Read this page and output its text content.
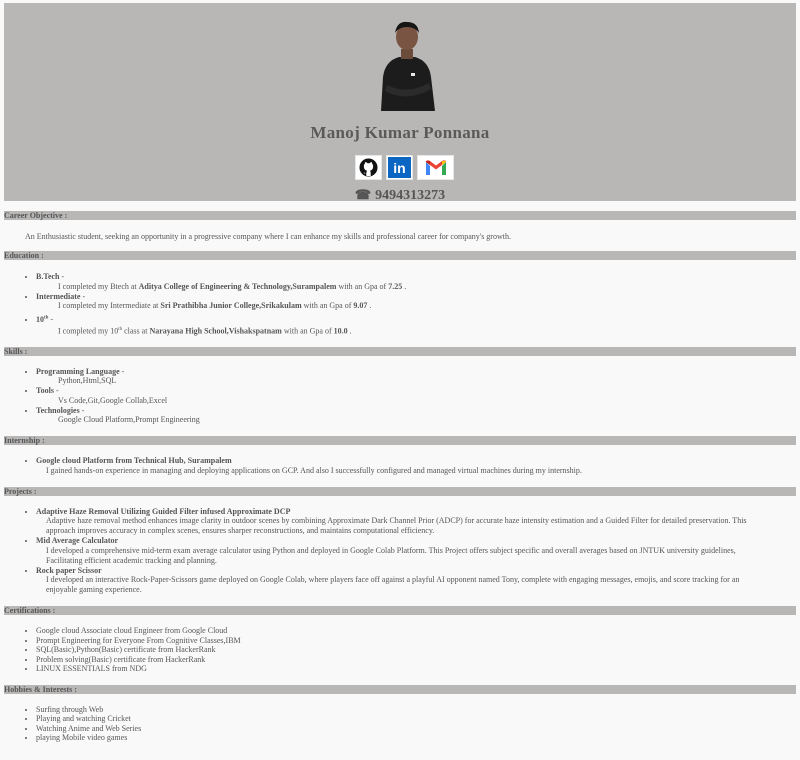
Manoj Kumar Ponnana
in
☎ 9494313273
Career Objective :
An Enthusiastic student, seeking an opportunity in a progressive company where I can enhance my skills and professional career for company's growth.
Education :
• B.Tech -
I completed my Btech at Aditya College of Engineering & Technology,Surampalem with an Gpa of 7.25 .
• Intermediate -
I completed my Intermediate at Sri Prathibha Junior College,Srikakulam with an Gpa of 9.07 .
• 10th -
I completed my 10th class at Narayana High School,Vishakspatnam with an Gpa of 10.0 .
Skills :
• Programming Language -
Python,Html,SQL
• Tools -
Vs Code,Git,Google Collab,Excel
• Technologies -
Google Cloud Platform,Prompt Engineering
Internship :
• Google cloud Platform from Technical Hub, Surampalem
I gained hands-on experience in managing and deploying applications on GCP. And also I successfully configured and managed virtual machines during my internship.
Projects :
• Adaptive Haze Removal Utilizing Guided Filter infused Approximate DCP
Adaptive haze removal method enhances image clarity in outdoor scenes by combining Approximate Dark Channel Prior (ADCP) for accurate haze intensity estimation and a Guided Filter for detailed preservation. This approach improves accuracy in complex scenes, ensures sharper reconstructions, and maintains computational efficiency.
• Mid Average Calculator
I developed a comprehensive mid-term exam average calculator using Python and deployed in Google Colab Platform. This Project offers subject specific and overall averages based on JNTUK university guidelines, Facilitating efficient academic tracking and planning.
• Rock paper Scissor
I developed an interactive Rock-Paper-Scissors game deployed on Google Colab, where players face off against a playful AI opponent named Tony, complete with engaging messages, emojis, and score tracking for an enjoyable gaming experience.
Certifications :
• Google cloud Associate cloud Engineer from Google Cloud
• Prompt Engineering for Everyone From Cognitive Classes,IBM
• SQL(Basic),Python(Basic) certificate from HackerRank
• Problem solving(Basic) certificate from HackerRank
• LINUX ESSENTIALS from NDG
Hobbies & Interests :
• Surfing through Web
• Playing and watching Cricket
• Watching Anime and Web Series
• playing Mobile video games
